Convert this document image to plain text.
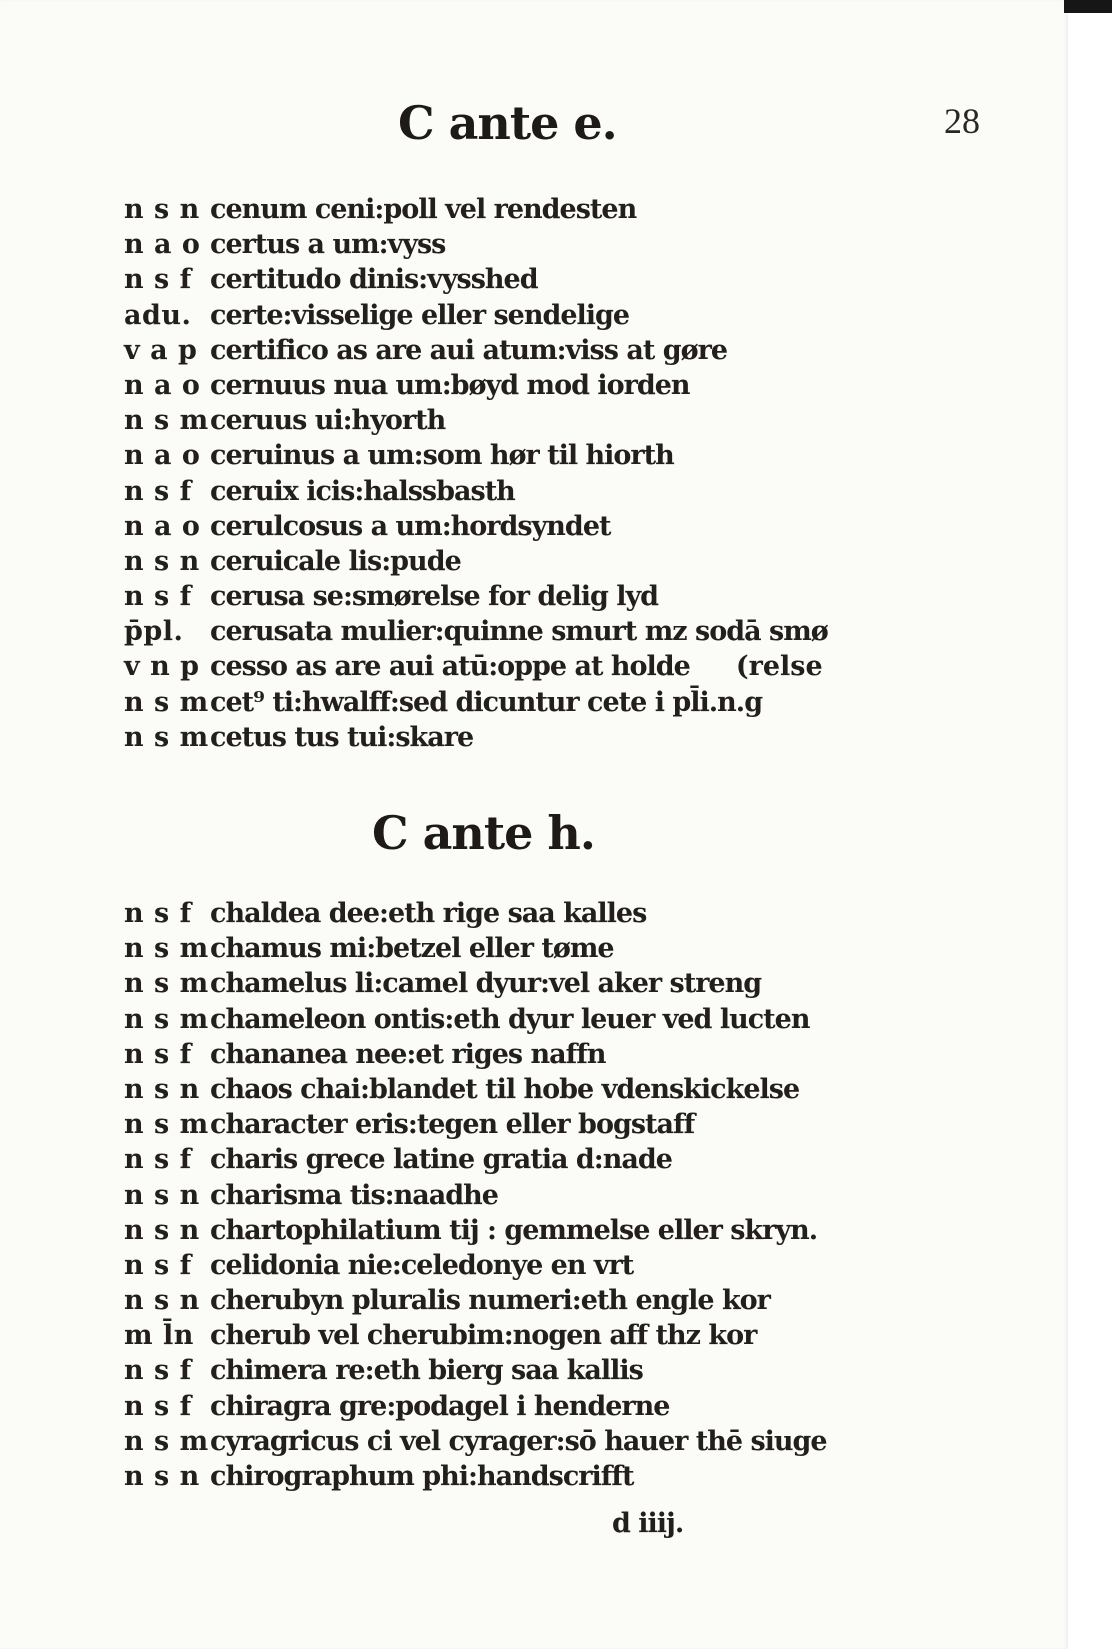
C ante e.	28
n s n cenum ceni:poll vel rendesten
n a o certus a um:vyss
n s f certitudo dinis:vysshed
adu. certe:visselige eller sendelige
v a p certifico as are aui atum:viss at gøre
n a o cernuus nua um:bøyd mod iorden
n s m ceruus ui:hyorth
n a o ceruinus a um:som hør til hiorth
n s f ceruix icis:halssbasth
n a o cerulcosus a um:hordsyndet
n s n ceruicale lis:pude
n s f cerusa se:smørelse for delig lyd
p̄pl. cerusata mulier:quinne smurt mz sodā smø
v n p cesso as are aui atū:oppe at holde (relse
n s m cet⁹ ti:hwalff:sed dicuntur cete i pl̄i.n.g
n s m cetus tus tui:skare
C ante h.
n s f chaldea dee:eth rige saa kalles
n s m chamus mi:betzel eller tøme
n s m chamelus li:camel dyur:vel aker streng
n s m chameleon ontis:eth dyur leuer ved lucten
n s f chananea nee:et riges naffn
n s n chaos chai:blandet til hobe vdenskickelse
n s m character eris:tegen eller bogstaff
n s f charis grece latine gratia d:nade
n s n charisma tis:naadhe
n s n chartophilatium tij : gemmelse eller skryn.
n s f celidonia nie:celedonye en vrt
n s n cherubyn pluralis numeri:eth engle kor
m l̄n cherub vel cherubim:nogen aff thz kor
n s f chimera re:eth bierg saa kallis
n s f chiragra gre:podagel i henderne
n s m cyragricus ci vel cyrager:sō hauer thē siuge
n s n chirographum phi:handscrifft
d iiij.
